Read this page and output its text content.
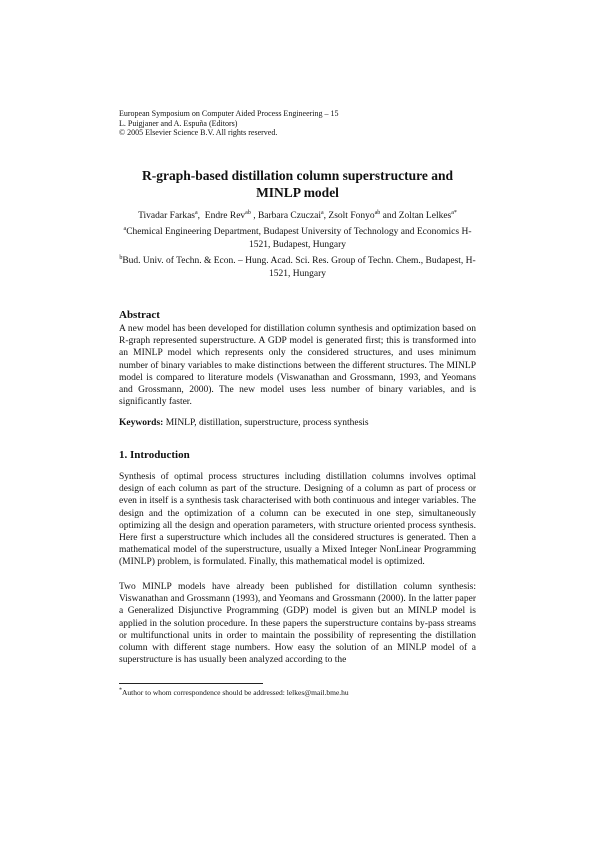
European Symposium on Computer Aided Process Engineering – 15
L. Puigjaner and A. Espuña (Editors)
© 2005 Elsevier Science B.V. All rights reserved.
R-graph-based distillation column superstructure and
MINLP model
Tivadar Farkas$^a$,  Endre Rev$^{ab}$ , Barbara Czuczai$^a$, Zsolt Fonyo$^{ab}$ and Zoltan Lelkes$^{a*}$
$^a$Chemical Engineering Department, Budapest University of Technology and Economics H-1521, Budapest, Hungary
$^b$Bud. Univ. of Techn. & Econ. – Hung. Acad. Sci. Res. Group of Techn. Chem., Budapest, H-1521, Hungary
Abstract

A new model has been developed for distillation column synthesis and optimization based on R-graph represented superstructure. A GDP model is generated first; this is transformed into an MINLP model which represents only the considered structures, and uses minimum number of binary variables to make distinctions between the different structures. The MINLP model is compared to literature models (Viswanathan and Grossmann, 1993, and Yeomans and Grossmann, 2000). The new model uses less number of binary variables, and is significantly faster.

Keywords: MINLP, distillation, superstructure, process synthesis
1. Introduction

Synthesis of optimal process structures including distillation columns involves optimal design of each column as part of the structure. Designing of a column as part of process or even in itself is a synthesis task characterised with both continuous and integer variables. The design and the optimization of a column can be executed in one step, simultaneously optimizing all the design and operation parameters, with structure oriented process synthesis. Here first a superstructure which includes all the considered structures is generated. Then a mathematical model of the superstructure, usually a Mixed Integer NonLinear Programming (MINLP) problem, is formulated. Finally, this mathematical model is optimized.

Two MINLP models have already been published for distillation column synthesis: Viswanathan and Grossmann (1993), and Yeomans and Grossmann (2000). In the latter paper a Generalized Disjunctive Programming (GDP) model is given but an MINLP model is applied in the solution procedure. In these papers the superstructure contains by-pass streams or multifunctional units in order to maintain the possibility of representing the distillation column with different stage numbers. How easy the solution of an MINLP model of a superstructure is has usually been analyzed according to the

*Author to whom correspondence should be addressed: lelkes@mail.bme.hu
